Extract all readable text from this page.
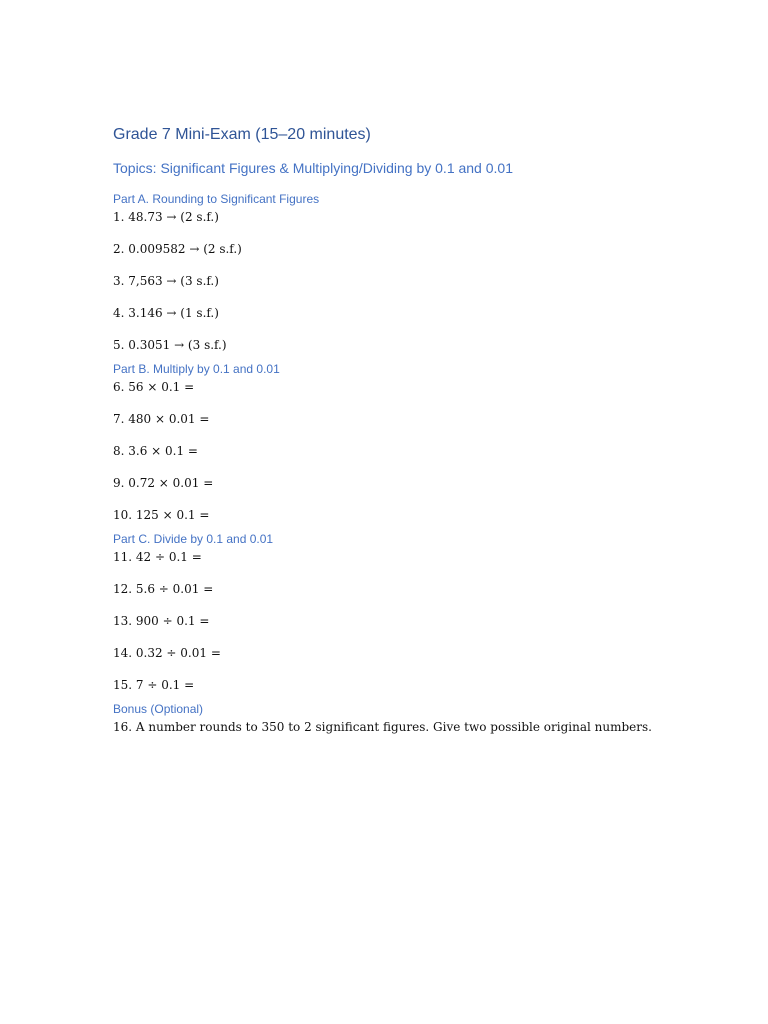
Grade 7 Mini-Exam (15–20 minutes)
Topics: Significant Figures & Multiplying/Dividing by 0.1 and 0.01
Part A. Rounding to Significant Figures
1. 48.73 → (2 s.f.)
2. 0.009582 → (2 s.f.)
3. 7,563 → (3 s.f.)
4. 3.146 → (1 s.f.)
5. 0.3051 → (3 s.f.)
Part B. Multiply by 0.1 and 0.01
6. 56 × 0.1 =
7. 480 × 0.01 =
8. 3.6 × 0.1 =
9. 0.72 × 0.01 =
10. 125 × 0.1 =
Part C. Divide by 0.1 and 0.01
11. 42 ÷ 0.1 =
12. 5.6 ÷ 0.01 =
13. 900 ÷ 0.1 =
14. 0.32 ÷ 0.01 =
15. 7 ÷ 0.1 =
Bonus (Optional)
16. A number rounds to 350 to 2 significant figures. Give two possible original numbers.
